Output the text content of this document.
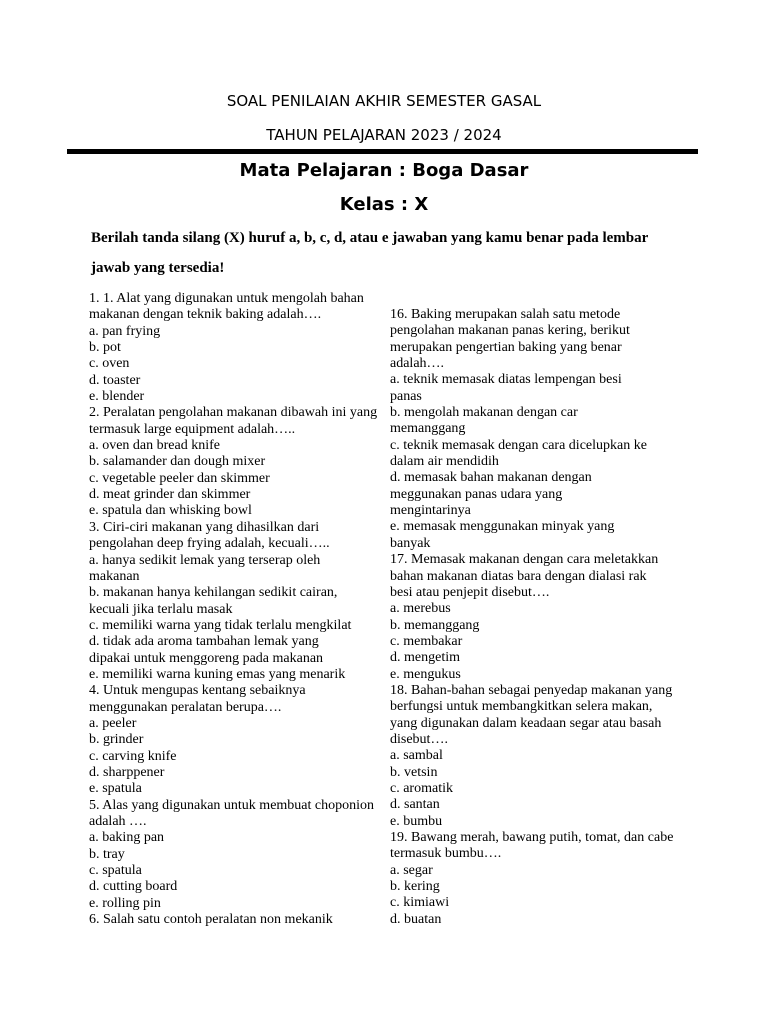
SOAL PENILAIAN AKHIR SEMESTER GASAL
TAHUN PELAJARAN 2023 / 2024
Mata Pelajaran : Boga Dasar
Kelas : X
Berilah tanda silang (X) huruf a, b, c, d, atau e jawaban yang kamu benar pada lembar
jawab yang tersedia!
1. 1. Alat yang digunakan untuk mengolah bahan
makanan dengan teknik baking adalah….
a. pan frying
b. pot
c. oven
d. toaster
e. blender
2. Peralatan pengolahan makanan dibawah ini yang
termasuk large equipment adalah…..
a. oven dan bread knife
b. salamander dan dough mixer
c. vegetable peeler dan skimmer
d. meat grinder dan skimmer
e. spatula dan whisking bowl
3. Ciri-ciri makanan yang dihasilkan dari
pengolahan deep frying adalah, kecuali…..
a. hanya sedikit lemak yang terserap oleh
makanan
b. makanan hanya kehilangan sedikit cairan,
kecuali jika terlalu masak
c. memiliki warna yang tidak terlalu mengkilat
d. tidak ada aroma tambahan lemak yang
dipakai untuk menggoreng pada makanan
e. memiliki warna kuning emas yang menarik
4. Untuk mengupas kentang sebaiknya
menggunakan peralatan berupa….
a. peeler
b. grinder
c. carving knife
d. sharppener
e. spatula
5. Alas yang digunakan untuk membuat choponion
adalah ….
a. baking pan
b. tray
c. spatula
d. cutting board
e. rolling pin
6. Salah satu contoh peralatan non mekanik
16. Baking merupakan salah satu metode
pengolahan makanan panas kering, berikut
merupakan pengertian baking yang benar
adalah….
a. teknik memasak diatas lempengan besi
panas
b. mengolah makanan dengan car
memanggang
c. teknik memasak dengan cara dicelupkan ke
dalam air mendidih
d. memasak bahan makanan dengan
meggunakan panas udara yang
mengintarinya
e. memasak menggunakan minyak yang
banyak
17. Memasak makanan dengan cara meletakkan
bahan makanan diatas bara dengan dialasi rak
besi atau penjepit disebut….
a. merebus
b. memanggang
c. membakar
d. mengetim
e. mengukus
18. Bahan-bahan sebagai penyedap makanan yang
berfungsi untuk membangkitkan selera makan,
yang digunakan dalam keadaan segar atau basah
disebut….
a. sambal
b. vetsin
c. aromatik
d. santan
e. bumbu
19. Bawang merah, bawang putih, tomat, dan cabe
termasuk bumbu….
a. segar
b. kering
c. kimiawi
d. buatan
